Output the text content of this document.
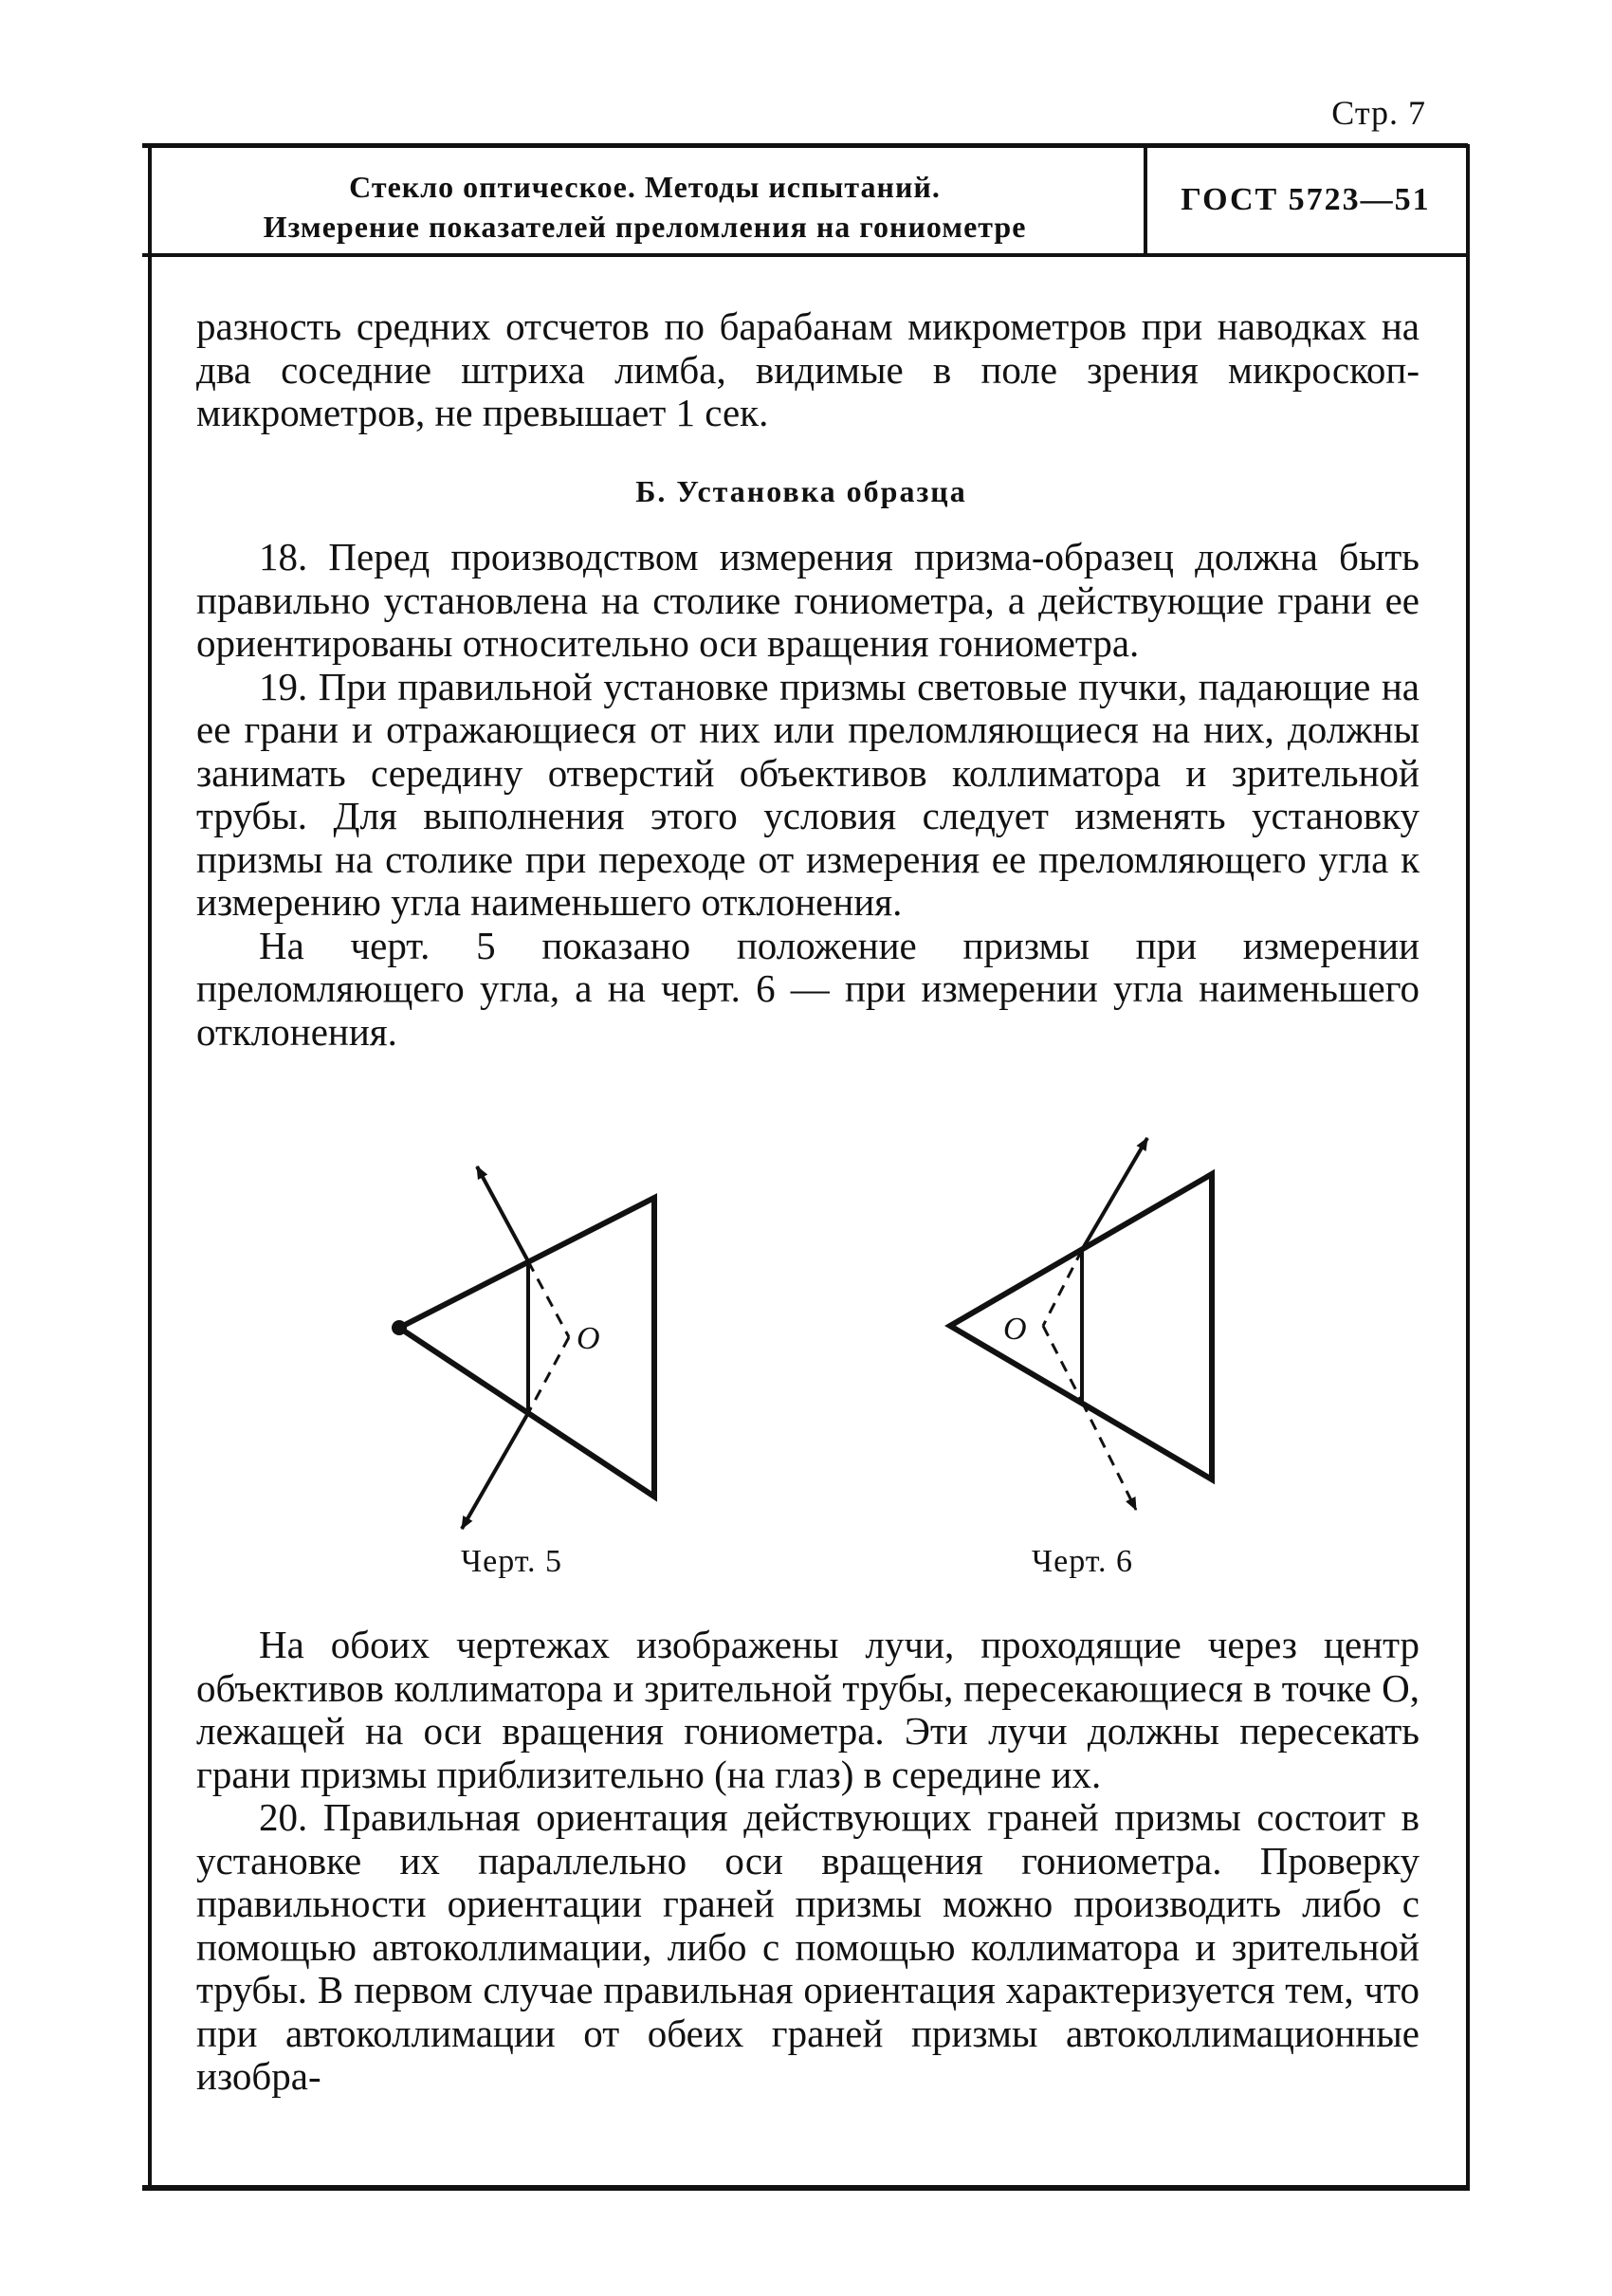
Стр. 7
Стекло оптическое. Методы испытаний.
Измерение показателей преломления на гониометре
ГОСТ 5723—51

разность средних отсчетов по барабанам микрометров при наводках на два соседние штриха лимба, видимые в поле зрения микроскоп-микрометров, не превышает 1 сек.

Б. Установка образца

18. Перед производством измерения призма-образец должна быть правильно установлена на столике гониометра, а действующие грани ее ориентированы относительно оси вращения гониометра.

19. При правильной установке призмы световые пучки, падающие на ее грани и отражающиеся от них или преломляющиеся на них, должны занимать середину отверстий объективов коллиматора и зрительной трубы. Для выполнения этого условия следует изменять установку призмы на столике при переходе от измерения ее преломляющего угла к измерению угла наименьшего отклонения.

На черт. 5 показано положение призмы при измерении преломляющего угла, а на черт. 6 — при измерении угла наименьшего отклонения.

O	O
Черт. 5	Черт. 6

На обоих чертежах изображены лучи, проходящие через центр объективов коллиматора и зрительной трубы, пересекающиеся в точке O, лежащей на оси вращения гониометра. Эти лучи должны пересекать грани призмы приблизительно (на глаз) в середине их.

20. Правильная ориентация действующих граней призмы состоит в установке их параллельно оси вращения гониометра. Проверку правильности ориентации граней призмы можно производить либо с помощью автоколлимации, либо с помощью коллиматора и зрительной трубы. В первом случае правильная ориентация характеризуется тем, что при автоколлимации от обеих граней призмы автоколлимационные изобра-
